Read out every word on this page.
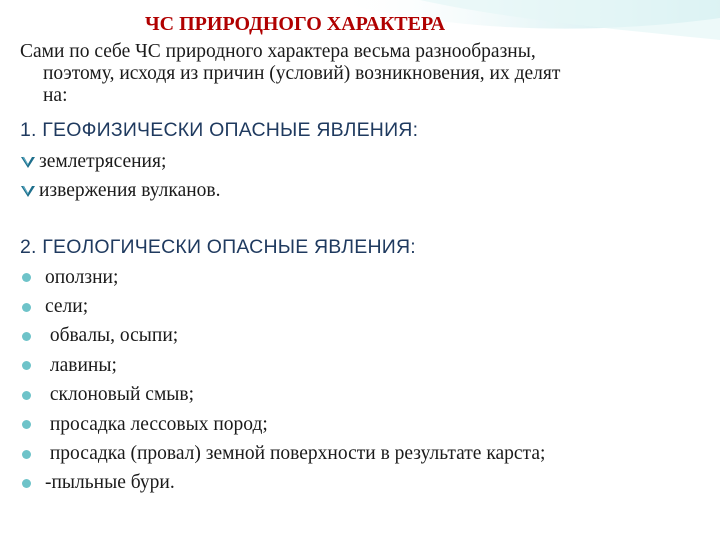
ЧС ПРИРОДНОГО ХАРАКТЕРА
Сами по себе ЧС природного характера весьма разнообразны,
поэтому, исходя из причин (условий) возникновения, их делят
на:
1. ГЕОФИЗИЧЕСКИ ОПАСНЫЕ ЯВЛЕНИЯ:
землетрясения;
извержения вулканов.
2. ГЕОЛОГИЧЕСКИ ОПАСНЫЕ ЯВЛЕНИЯ:
оползни;
сели;
обвалы, осыпи;
лавины;
склоновый смыв;
просадка лессовых пород;
просадка (провал) земной поверхности в результате карста;
-пыльные бури.
